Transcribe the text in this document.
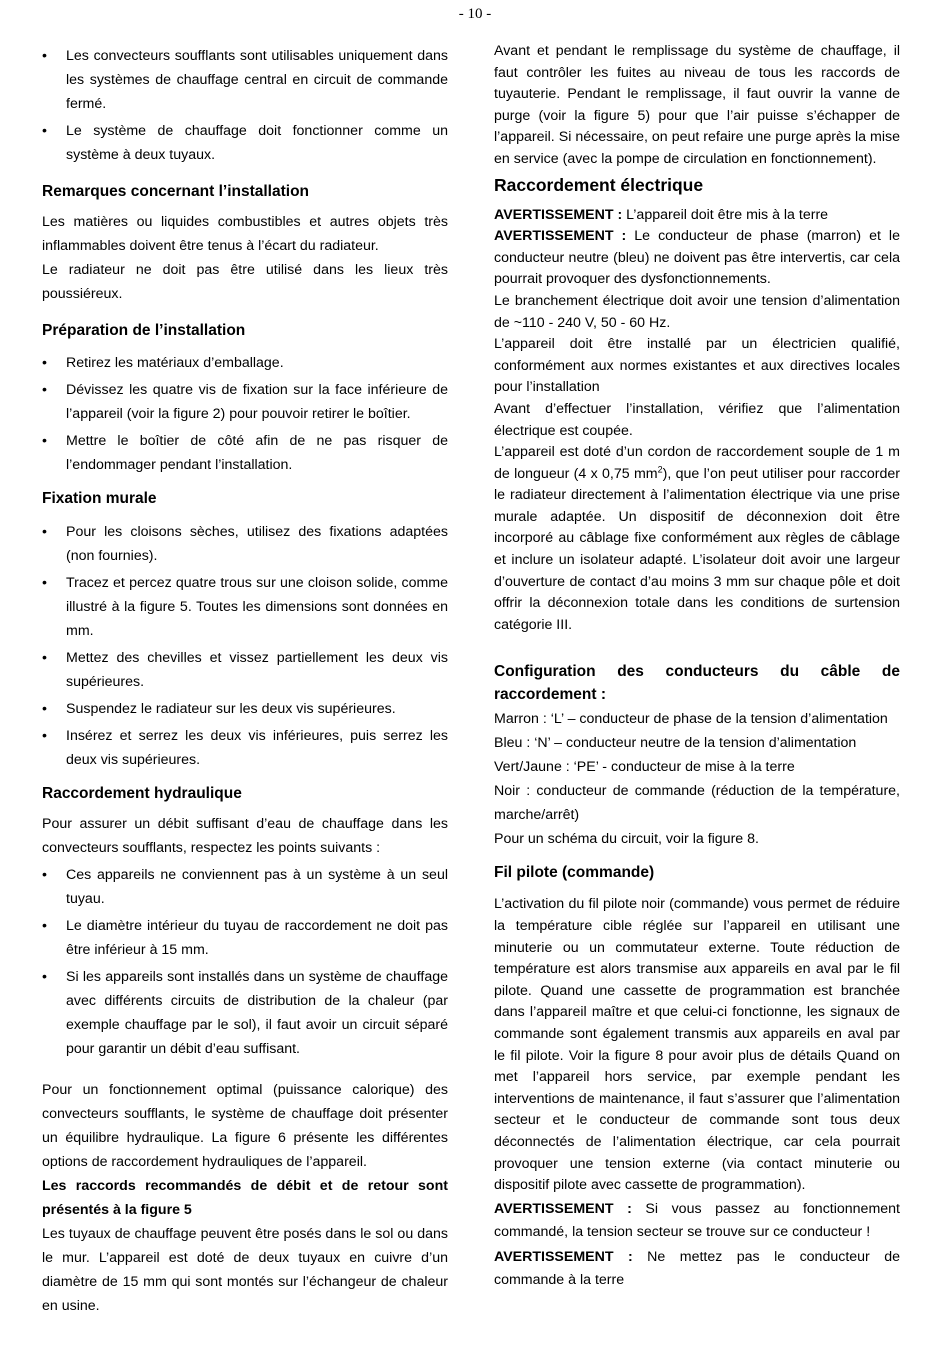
- 10 -
• Les convecteurs soufflants sont utilisables uniquement dans les systèmes de chauffage central en circuit de commande fermé.
• Le système de chauffage doit fonctionner comme un système à deux tuyaux.
Remarques concernant l’installation

Les matières ou liquides combustibles et autres objets très inflammables doivent être tenus à l’écart du radiateur.

Le radiateur ne doit pas être utilisé dans les lieux très poussiéreux.

Préparation de l’installation
• Retirez les matériaux d’emballage.
• Dévissez les quatre vis de fixation sur la face inférieure de l’appareil (voir la figure 2) pour pouvoir retirer le boîtier.
• Mettre le boîtier de côté afin de ne pas risquer de l’endommager pendant l’installation.
Fixation murale
• Pour les cloisons sèches, utilisez des fixations adaptées (non fournies).
• Tracez et percez quatre trous sur une cloison solide, comme illustré à la figure 5. Toutes les dimensions sont données en mm.
• Mettez des chevilles et vissez partiellement les deux vis supérieures.
• Suspendez le radiateur sur les deux vis supérieures.
• Insérez et serrez les deux vis inférieures, puis serrez les deux vis supérieures.
Raccordement hydraulique

Pour assurer un débit suffisant d’eau de chauffage dans les convecteurs soufflants, respectez les points suivants :

• Ces appareils ne conviennent pas à un système à un seul tuyau.
• Le diamètre intérieur du tuyau de raccordement ne doit pas être inférieur à 15 mm.
• Si les appareils sont installés dans un système de chauffage avec différents circuits de distribution de la chaleur (par exemple chauffage par le sol), il faut avoir un circuit séparé pour garantir un débit d’eau suffisant.

Pour un fonctionnement optimal (puissance calorique) des convecteurs soufflants, le système de chauffage doit présenter un équilibre hydraulique. La figure 6 présente les différentes options de raccordement hydrauliques de l’appareil.

Les raccords recommandés de débit et de retour sont présentés à la figure 5

Les tuyaux de chauffage peuvent être posés dans le sol ou dans le mur. L’appareil est doté de deux tuyaux en cuivre d’un diamètre de 15 mm qui sont montés sur l’échangeur de chaleur en usine.

Avant et pendant le remplissage du système de chauffage, il faut contrôler les fuites au niveau de tous les raccords de tuyauterie. Pendant le remplissage, il faut ouvrir la vanne de purge (voir la figure 5) pour que l’air puisse s’échapper de l’appareil. Si nécessaire, on peut refaire une purge après la mise en service (avec la pompe de circulation en fonctionnement).

Raccordement électrique

AVERTISSEMENT : L’appareil doit être mis à la terre

AVERTISSEMENT : Le conducteur de phase (marron) et le conducteur neutre (bleu) ne doivent pas être intervertis, car cela pourrait provoquer des dysfonctionnements.

Le branchement électrique doit avoir une tension d’alimentation de ~110 - 240 V, 50 - 60 Hz.

L’appareil doit être installé par un électricien qualifié, conformément aux normes existantes et aux directives locales pour l’installation

Avant d’effectuer l’installation, vérifiez que l’alimentation électrique est coupée.

L’appareil est doté d’un cordon de raccordement souple de 1 m de longueur (4 x 0,75 $mm^2$), que l’on peut utiliser pour raccorder le radiateur directement à l’alimentation électrique via une prise murale adaptée. Un dispositif de déconnexion doit être incorporé au câblage fixe conformément aux règles de câblage et inclure un isolateur adapté. L’isolateur doit avoir une largeur d’ouverture de contact d’au moins 3 mm sur chaque pôle et doit offrir la déconnexion totale dans les conditions de surtension catégorie III.

Configuration des conducteurs du câble de raccordement :

Marron : ‘L’ – conducteur de phase de la tension d’alimentation

Bleu : ‘N’ – conducteur neutre de la tension d’alimentation

Vert/Jaune : ‘PE’ - conducteur de mise à la terre

Noir : conducteur de commande (réduction de la température, marche/arrêt)

Pour un schéma du circuit, voir la figure 8.

Fil pilote (commande)

L’activation du fil pilote noir (commande) vous permet de réduire la température cible réglée sur l’appareil en utilisant une minuterie ou un commutateur externe. Toute réduction de température est alors transmise aux appareils en aval par le fil pilote. Quand une cassette de programmation est branchée dans l’appareil maître et que celui-ci fonctionne, les signaux de commande sont également transmis aux appareils en aval par le fil pilote. Voir la figure 8 pour avoir plus de détails Quand on met l’appareil hors service, par exemple pendant les interventions de maintenance, il faut s’assurer que l’alimentation secteur et le conducteur de commande sont tous deux déconnectés de l’alimentation électrique, car cela pourrait provoquer une tension externe (via contact minuterie ou dispositif pilote avec cassette de programmation).

AVERTISSEMENT : Si vous passez au fonctionnement commandé, la tension secteur se trouve sur ce conducteur !

AVERTISSEMENT : Ne mettez pas le conducteur de commande à la terre
